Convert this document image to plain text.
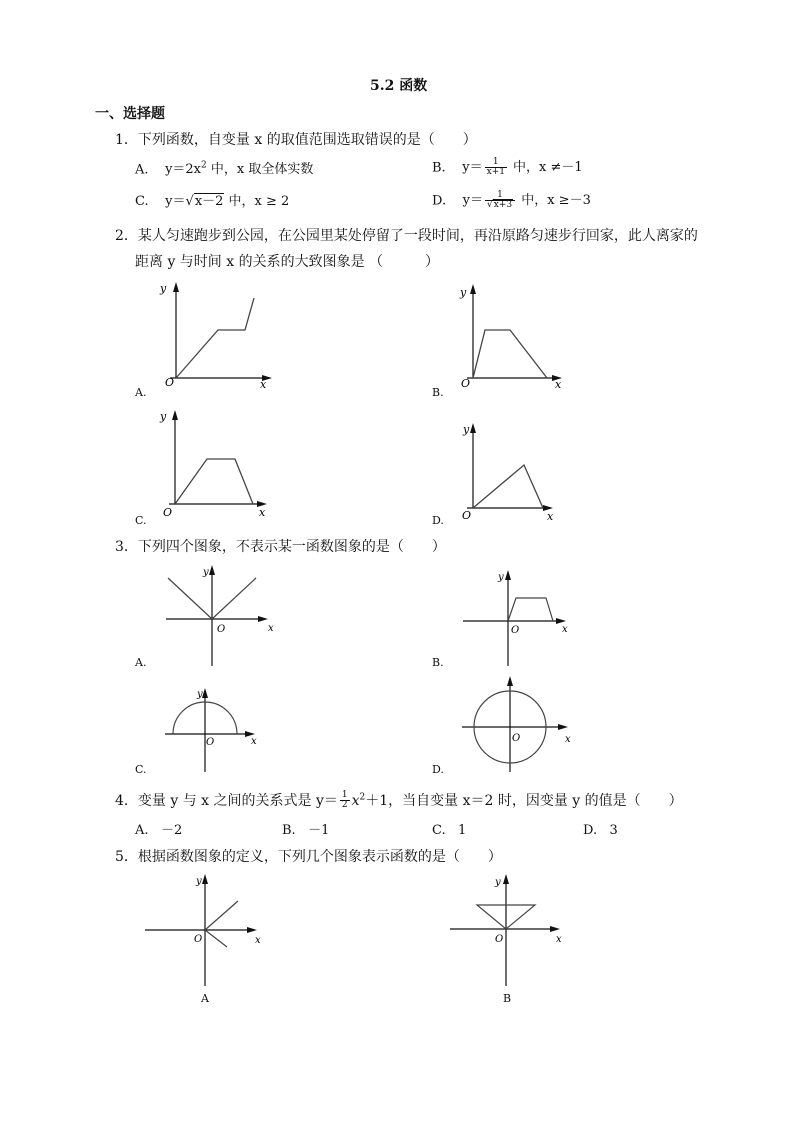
5.2 函数
一、选择题
1．下列函数，自变量 x 的取值范围选取错误的是（　　）
A. $y=2x^2$ 中，x 取全体实数	B. $y= \frac{1}{x+1}$ 中，x ≠－1
C. y＝√x－2 中，x ≥ 2	D. $y= \frac{1}{√x+3}$ 中，x ≥－3
2．某人匀速跑步到公园，在公园里某处停留了一段时间，再沿原路匀速步行回家，此人离家的
距离 y 与时间 x 的关系的大致图象是 （　　　）
y
x
O
A.
y
x
O
B.
y
x
O
C.
y
x
O
D.
3．下列四个图象，不表示某一函数图象的是（　　）
y
x
O
A.
y
x
O
B.
y
x
O
C.
x
O
D.
4．变量 y 与 x 之间的关系式是 $y= \frac{1}{2} x^2+1$，当自变量 x＝2 时，因变量 y 的值是（　　）
A. －2	B. －1	C. 1	D. 3
5．根据函数图象的定义，下列几个图象表示函数的是（　　）
y
x
O
A
y
x
O
B
